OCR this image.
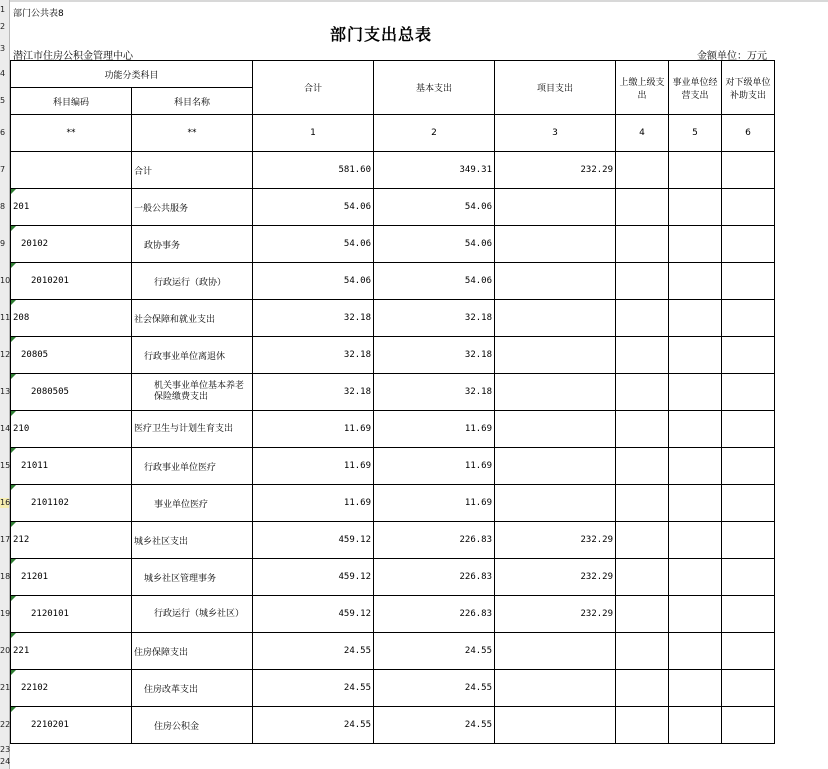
1
2
3
4
5
6
7
8
9
10
11
12
13
14
15
16
17
18
19
20
21
22
23
24
部门公共表8
部门支出总表
潜江市住房公积金管理中心	金额单位：万元
功能分类科目		合计	基本支出	项目支出	上缴上级支出	事业单位经营支出	对下级单位补助支出
科目编码	科目名称						
**	**	1	2	3	4	5	6
	合计	581.60	349.31	232.29			
201	一般公共服务	54.06	54.06				
20102	政协事务	54.06	54.06				
2010201	行政运行（政协）	54.06	54.06				
208	社会保障和就业支出	32.18	32.18				
20805	行政事业单位离退休	32.18	32.18				
2080505	机关事业单位基本养老保险缴费支出	32.18	32.18				
210	医疗卫生与计划生育支出	11.69	11.69				
21011	行政事业单位医疗	11.69	11.69				
2101102	事业单位医疗	11.69	11.69				
212	城乡社区支出	459.12	226.83	232.29			
21201	城乡社区管理事务	459.12	226.83	232.29			
2120101	行政运行（城乡社区）	459.12	226.83	232.29			
221	住房保障支出	24.55	24.55				
22102	住房改革支出	24.55	24.55				
2210201	住房公积金	24.55	24.55				
